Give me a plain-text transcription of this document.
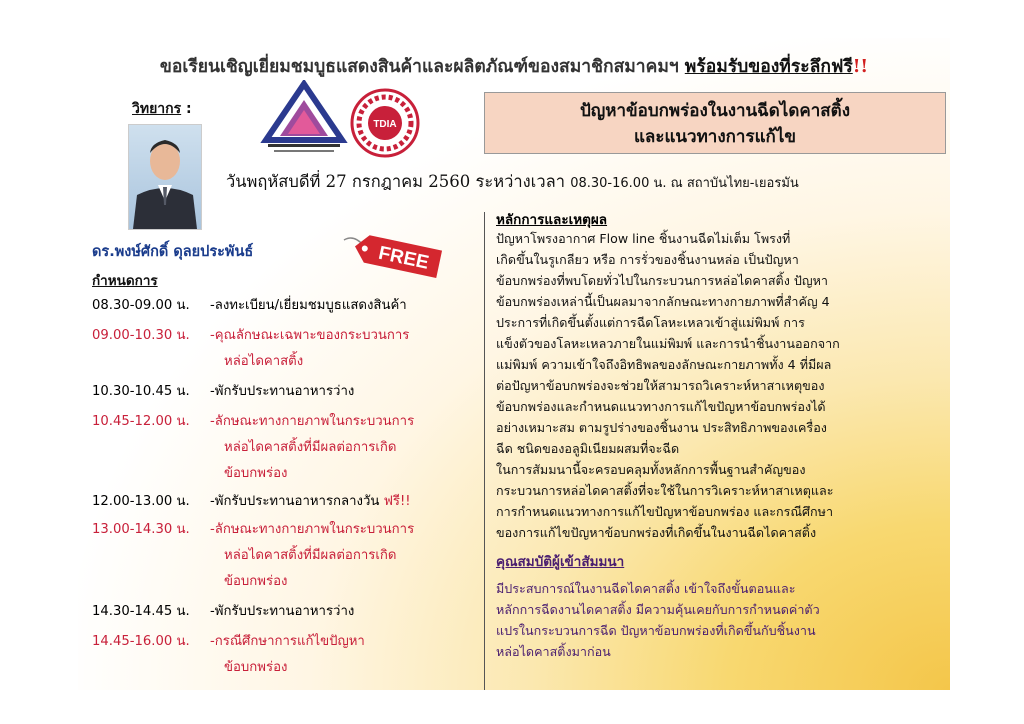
ขอเรียนเชิญเยี่ยมชมบูธแสดงสินค้าและผลิตภัณฑ์ของสมาชิกสมาคมฯ พร้อมรับของที่ระลึกฟรี!!
วิทยากร :
TDIA
ปัญหาข้อบกพร่องในงานฉีดไดคาสติ้ง
และแนวทางการแก้ไข
วันพฤหัสบดีที่ 27 กรกฎาคม 2560 ระหว่างเวลา 08.30-16.00 น. ณ สถาบันไทย-เยอรมัน
FREE
ดร.พงษ์ศักดิ์ ดุลยประพันธ์
กำหนดการ
08.30-09.00 น. -ลงทะเบียน/เยี่ยมชมบูธแสดงสินค้า
09.00-10.30 น. -คุณลักษณะเฉพาะของกระบวนการ
หล่อไดคาสติ้ง
10.30-10.45 น. -พักรับประทานอาหารว่าง
10.45-12.00 น. -ลักษณะทางกายภาพในกระบวนการ
หล่อไดคาสติ้งที่มีผลต่อการเกิด
ข้อบกพร่อง
12.00-13.00 น. -พักรับประทานอาหารกลางวัน ฟรี!!
13.00-14.30 น. -ลักษณะทางกายภาพในกระบวนการ
หล่อไดคาสติ้งที่มีผลต่อการเกิด
ข้อบกพร่อง
14.30-14.45 น. -พักรับประทานอาหารว่าง
14.45-16.00 น. -กรณีศึกษาการแก้ไขปัญหา
ข้อบกพร่อง
หลักการและเหตุผล
ปัญหาโพรงอากาศ Flow line ชิ้นงานฉีดไม่เต็ม โพรงที่
เกิดขึ้นในรูเกลียว หรือ การรั่วของชิ้นงานหล่อ เป็นปัญหา
ข้อบกพร่องที่พบโดยทั่วไปในกระบวนการหล่อไดคาสติ้ง ปัญหา
ข้อบกพร่องเหล่านี้เป็นผลมาจากลักษณะทางกายภาพที่สำคัญ 4
ประการที่เกิดขึ้นตั้งแต่การฉีดโลหะเหลวเข้าสู่แม่พิมพ์ การ
แข็งตัวของโลหะเหลวภายในแม่พิมพ์ และการนำชิ้นงานออกจาก
แม่พิมพ์ ความเข้าใจถึงอิทธิพลของลักษณะกายภาพทั้ง 4 ที่มีผล
ต่อปัญหาข้อบกพร่องจะช่วยให้สามารถวิเคราะห์หาสาเหตุของ
ข้อบกพร่องและกำหนดแนวทางการแก้ไขปัญหาข้อบกพร่องได้
อย่างเหมาะสม ตามรูปร่างของชิ้นงาน ประสิทธิภาพของเครื่อง
ฉีด ชนิดของอลูมิเนียมผสมที่จะฉีด
ในการสัมมนานี้จะครอบคลุมทั้งหลักการพื้นฐานสำคัญของ
กระบวนการหล่อไดคาสติ้งที่จะใช้ในการวิเคราะห์หาสาเหตุและ
การกำหนดแนวทางการแก้ไขปัญหาข้อบกพร่อง และกรณีศึกษา
ของการแก้ไขปัญหาข้อบกพร่องที่เกิดขึ้นในงานฉีดไดคาสติ้ง
คุณสมบัติผู้เข้าสัมมนา
มีประสบการณ์ในงานฉีดไดคาสติ้ง เข้าใจถึงขั้นตอนและ
หลักการฉีดงานไดคาสติ้ง มีความคุ้นเคยกับการกำหนดค่าตัว
แปรในกระบวนการฉีด ปัญหาข้อบกพร่องที่เกิดขึ้นกับชิ้นงาน
หล่อไดคาสติ้งมาก่อน
